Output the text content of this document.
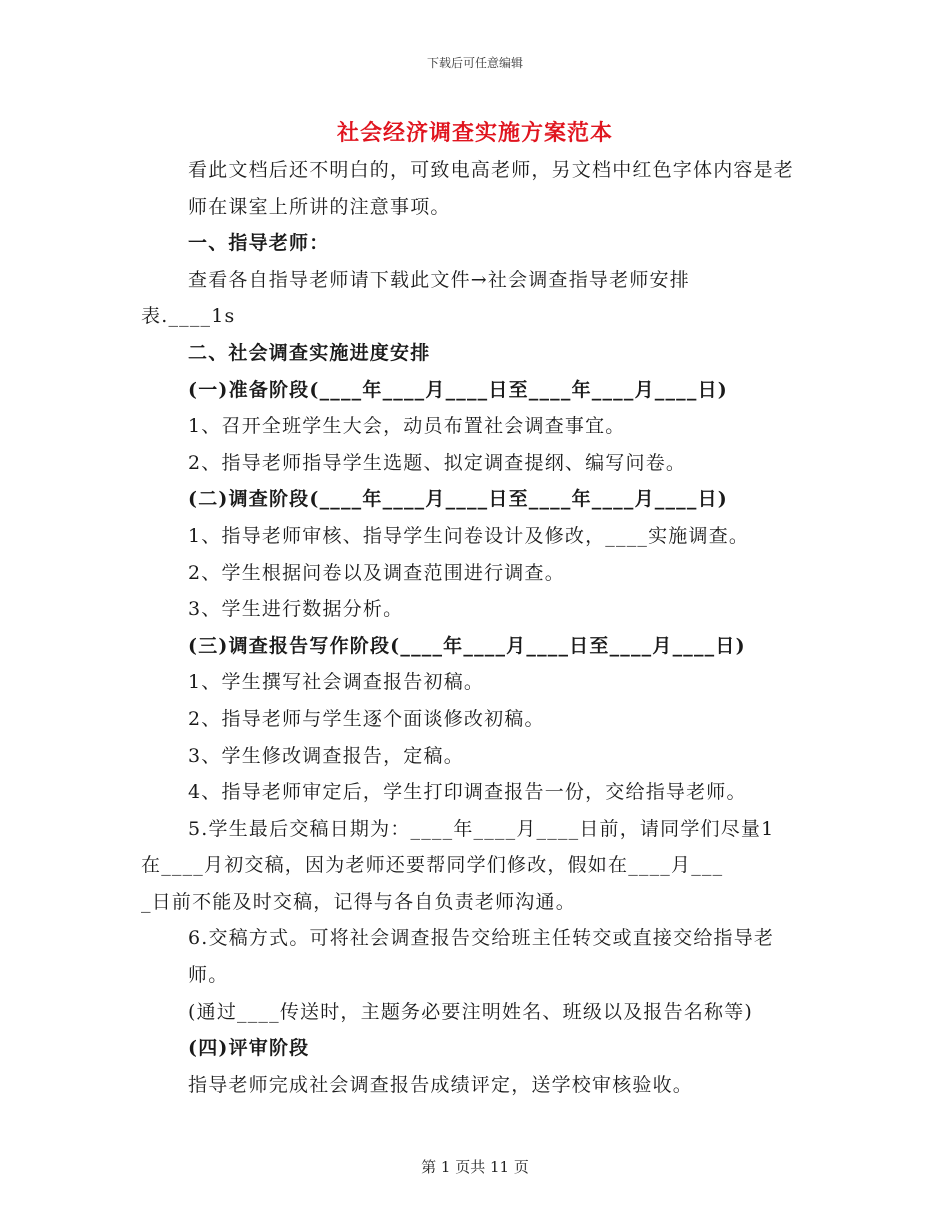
下载后可任意编辑
社会经济调查实施方案范本

看此文档后还不明白的，可致电高老师，另文档中红色字体内容是老师在课室上所讲的注意事项。

一、指导老师：

查看各自指导老师请下载此文件→社会调查指导老师安排

表.____1s

二、社会调查实施进度安排

(一)准备阶段(____年____月____日至____年____月____日)

1、召开全班学生大会，动员布置社会调查事宜。

2、指导老师指导学生选题、拟定调查提纲、编写问卷。

(二)调查阶段(____年____月____日至____年____月____日)

1、指导老师审核、指导学生问卷设计及修改，____实施调查。

2、学生根据问卷以及调查范围进行调查。

3、学生进行数据分析。

(三)调查报告写作阶段(____年____月____日至____月____日)

1、学生撰写社会调查报告初稿。

2、指导老师与学生逐个面谈修改初稿。

3、学生修改调查报告，定稿。

4、指导老师审定后，学生打印调查报告一份，交给指导老师。

5.学生最后交稿日期为：____年____月____日前，请同学们尽量1

在____月初交稿，因为老师还要帮同学们修改，假如在____月___

_日前不能及时交稿，记得与各自负责老师沟通。

6.交稿方式。可将社会调查报告交给班主任转交或直接交给指导老师。

(通过____传送时，主题务必要注明姓名、班级以及报告名称等)

(四)评审阶段

指导老师完成社会调查报告成绩评定，送学校审核验收。

第 1 页共 11 页
